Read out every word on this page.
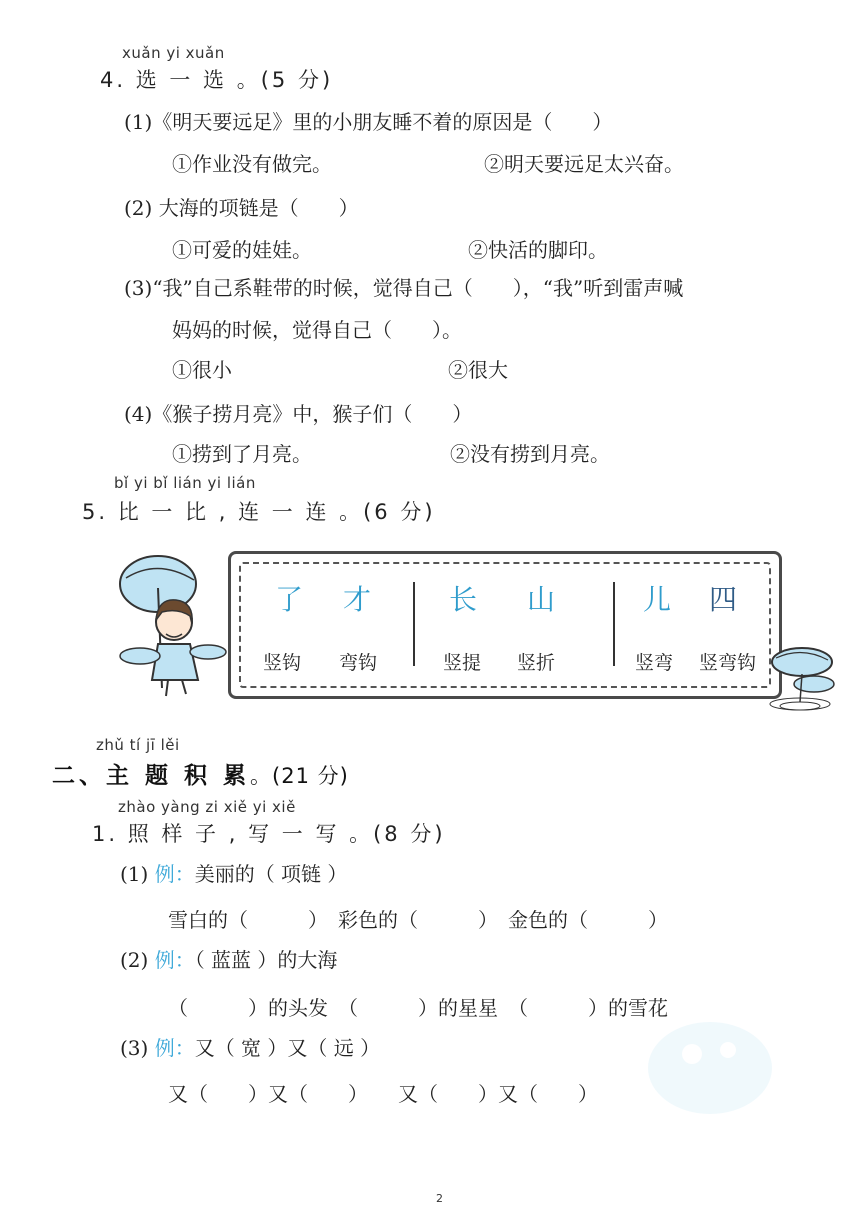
xuǎn yi xuǎn
4. 选 一 选 。(5 分)
(1)《明天要远足》里的小朋友睡不着的原因是（　　）
①作业没有做完。	②明天要远足太兴奋。
(2) 大海的项链是（　　）
①可爱的娃娃。	②快活的脚印。
(3)“我”自己系鞋带的时候，觉得自己（　　），“我”听到雷声喊
妈妈的时候，觉得自己（　　）。
①很小	②很大
(4)《猴子捞月亮》中，猴子们（　　）
①捞到了月亮。	②没有捞到月亮。
bǐ yi bǐ lián yi lián
5. 比 一 比 , 连 一 连 。(6 分)
了 才
竖钩 弯钩
长 山
竖提 竖折
儿 四
竖弯 竖弯钩
zhǔ tí jī lěi
二、主 题 积 累。(21 分)
zhào yàng zi xiě yi xiě
1. 照 样 子 , 写 一 写 。(8 分)
(1) 例：美丽的（ 项链 ）
雪白的（　　　）　彩色的（　　　）　金色的（　　　）
(2) 例：（ 蓝蓝 ）的大海
（　　　）的头发　（　　　）的星星　（　　　）的雪花
(3) 例：又（ 宽 ）又（ 远 ）
又（　　）又（　　）　　又（　　）又（　　）
2
